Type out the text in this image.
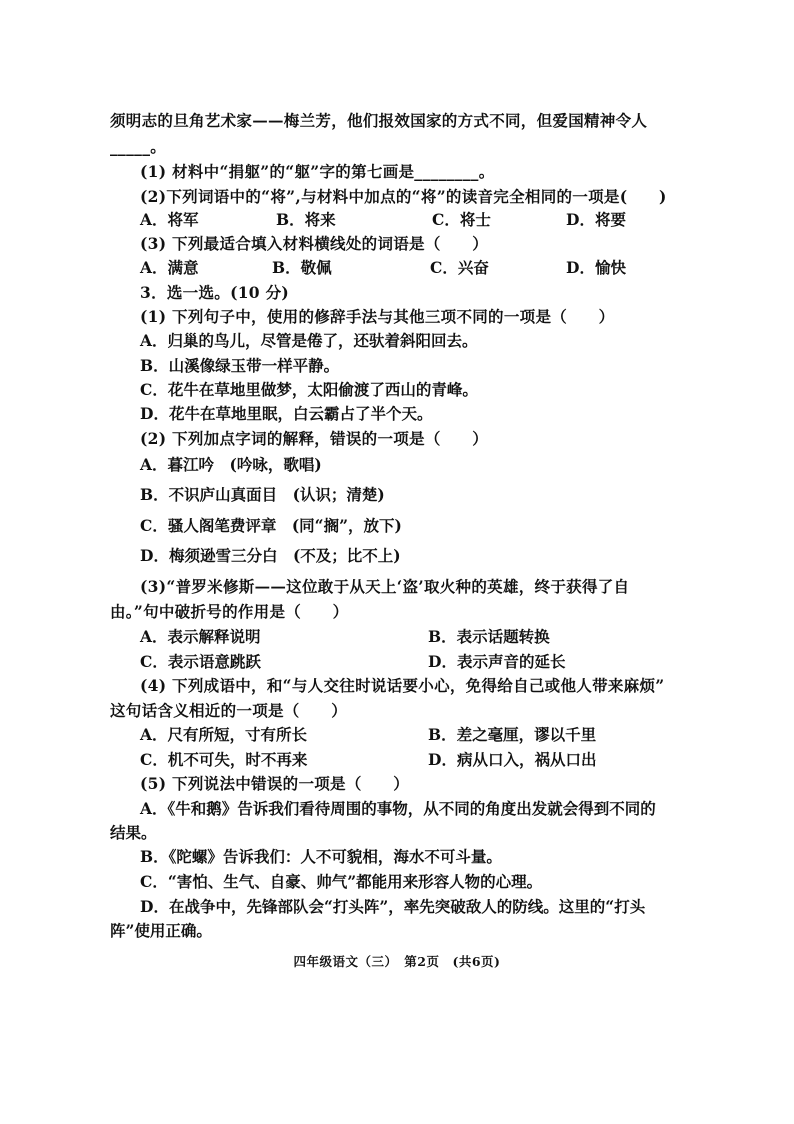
须明志的旦角艺术家——梅兰芳，他们报效国家的方式不同，但爱国精神令人
_____。
(1) 材料中“捐躯”的“躯”字的第七画是________。
(2)下列词语中的“将”,与材料中加点的“将”的读音完全相同的一项是(　　)
A．将军	B．将来	C．将士	D．将要
(3) 下列最适合填入材料横线处的词语是（　　）
A．满意	B．敬佩	C．兴奋	D．愉快
3．选一选。(10 分)
(1) 下列句子中，使用的修辞手法与其他三项不同的一项是（　　）
A．归巢的鸟儿，尽管是倦了，还驮着斜阳回去。
B．山溪像绿玉带一样平静。
C．花牛在草地里做梦，太阳偷渡了西山的青峰。
D．花牛在草地里眠，白云霸占了半个天。
(2) 下列加点字词的解释，错误的一项是（　　）
A．暮江吟　(吟咏，歌唱)
B．不识庐山真面目　(认识；清楚)
C．骚人阁笔费评章　(同“搁”，放下)
D．梅须逊雪三分白　(不及；比不上)
(3)“普罗米修斯——这位敢于从天上‘盗’取火种的英雄，终于获得了自
由。”句中破折号的作用是（　　）
A．表示解释说明	B．表示话题转换
C．表示语意跳跃	D．表示声音的延长
(4) 下列成语中，和“与人交往时说话要小心，免得给自己或他人带来麻烦”
这句话含义相近的一项是（　　）
A．尺有所短，寸有所长	B．差之毫厘，谬以千里
C．机不可失，时不再来	D．病从口入，祸从口出
(5) 下列说法中错误的一项是（　　）
A．《牛和鹅》告诉我们看待周围的事物，从不同的角度出发就会得到不同的
结果。
B．《陀螺》告诉我们：人不可貌相，海水不可斗量。
C．“害怕、生气、自豪、帅气”都能用来形容人物的心理。
D．在战争中，先锋部队会“打头阵”，率先突破敌人的防线。这里的“打头
阵”使用正确。
四年级语文（三）　第2页　(共6页)
